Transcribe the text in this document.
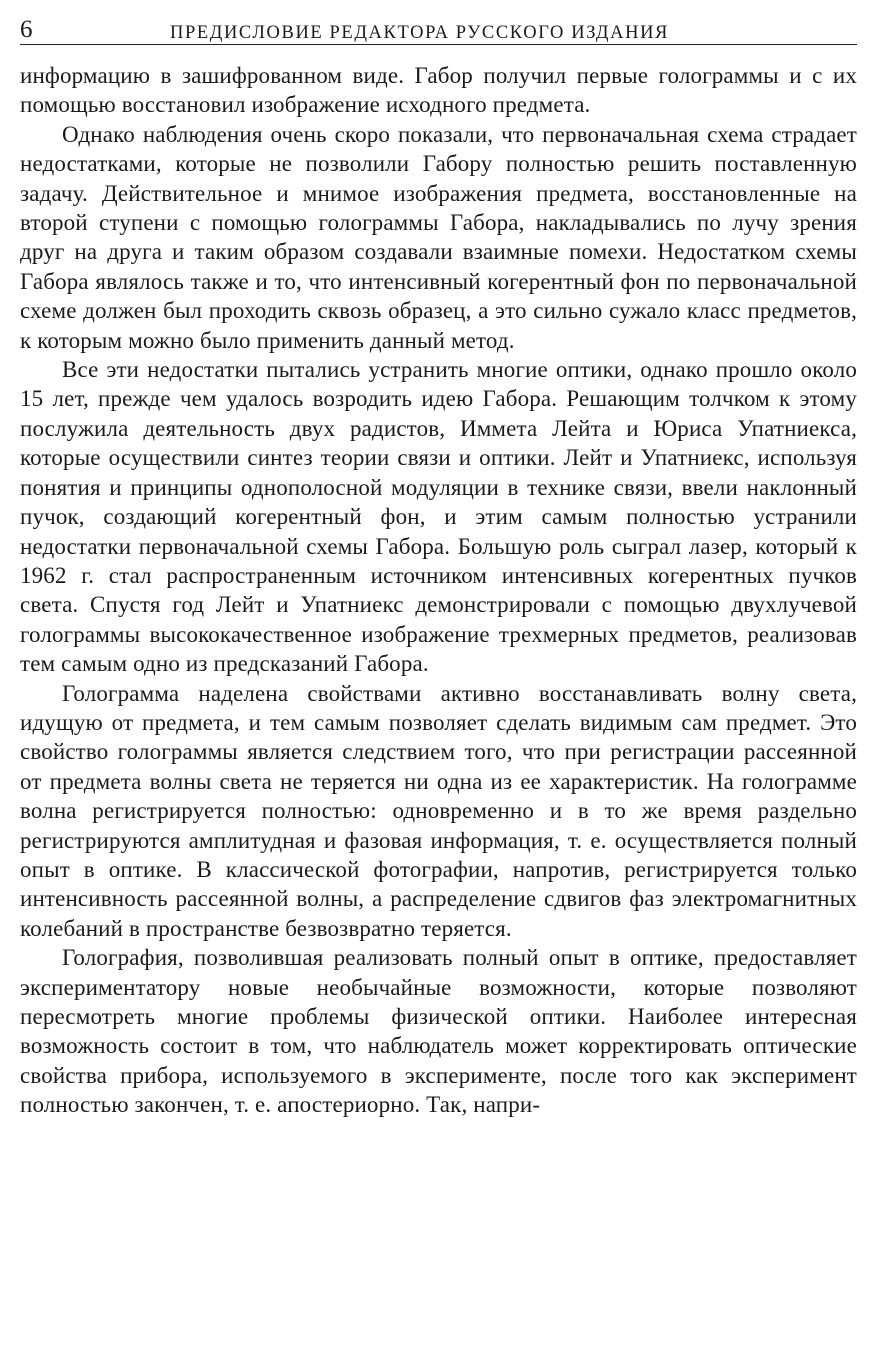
6	ПРЕДИСЛОВИЕ РЕДАКТОРА РУССКОГО ИЗДАНИЯ

информацию в зашифрованном виде. Габор получил первые голограммы и с их помощью восстановил изображение исходного предмета.

Однако наблюдения очень скоро показали, что первоначальная схема страдает недостатками, которые не позволили Габору полностью решить поставленную задачу. Действительное и мнимое изображения предмета, восстановленные на второй ступени с помощью голограммы Габора, накладывались по лучу зрения друг на друга и таким образом создавали взаимные помехи. Недостатком схемы Габора являлось также и то, что интенсивный когерентный фон по первоначальной схеме должен был проходить сквозь образец, а это сильно сужало класс предметов, к которым можно было применить данный метод.

Все эти недостатки пытались устранить многие оптики, однако прошло около 15 лет, прежде чем удалось возродить идею Габора. Решающим толчком к этому послужила деятельность двух радистов, Иммета Лейта и Юриса Упатниекса, которые осуществили синтез теории связи и оптики. Лейт и Упатниекс, используя понятия и принципы однополосной модуляции в технике связи, ввели наклонный пучок, создающий когерентный фон, и этим самым полностью устранили недостатки первоначальной схемы Габора. Большую роль сыграл лазер, который к 1962 г. стал распространенным источником интенсивных когерентных пучков света. Спустя год Лейт и Упатниекс демонстрировали с помощью двухлучевой голограммы высококачественное изображение трехмерных предметов, реализовав тем самым одно из предсказаний Габора.

Голограмма наделена свойствами активно восстанавливать волну света, идущую от предмета, и тем самым позволяет сделать видимым сам предмет. Это свойство голограммы является следствием того, что при регистрации рассеянной от предмета волны света не теряется ни одна из ее характеристик. На голограмме волна регистрируется полностью: одновременно и в то же время раздельно регистрируются амплитудная и фазовая информация, т. е. осуществляется полный опыт в оптике. В классической фотографии, напротив, регистрируется только интенсивность рассеянной волны, а распределение сдвигов фаз электромагнитных колебаний в пространстве безвозвратно теряется.

Голография, позволившая реализовать полный опыт в оптике, предоставляет экспериментатору новые необычайные возможности, которые позволяют пересмотреть многие проблемы физической оптики. Наиболее интересная возможность состоит в том, что наблюдатель может корректировать оптические свойства прибора, используемого в эксперименте, после того как эксперимент полностью закончен, т. е. апостериорно. Так, напри-
